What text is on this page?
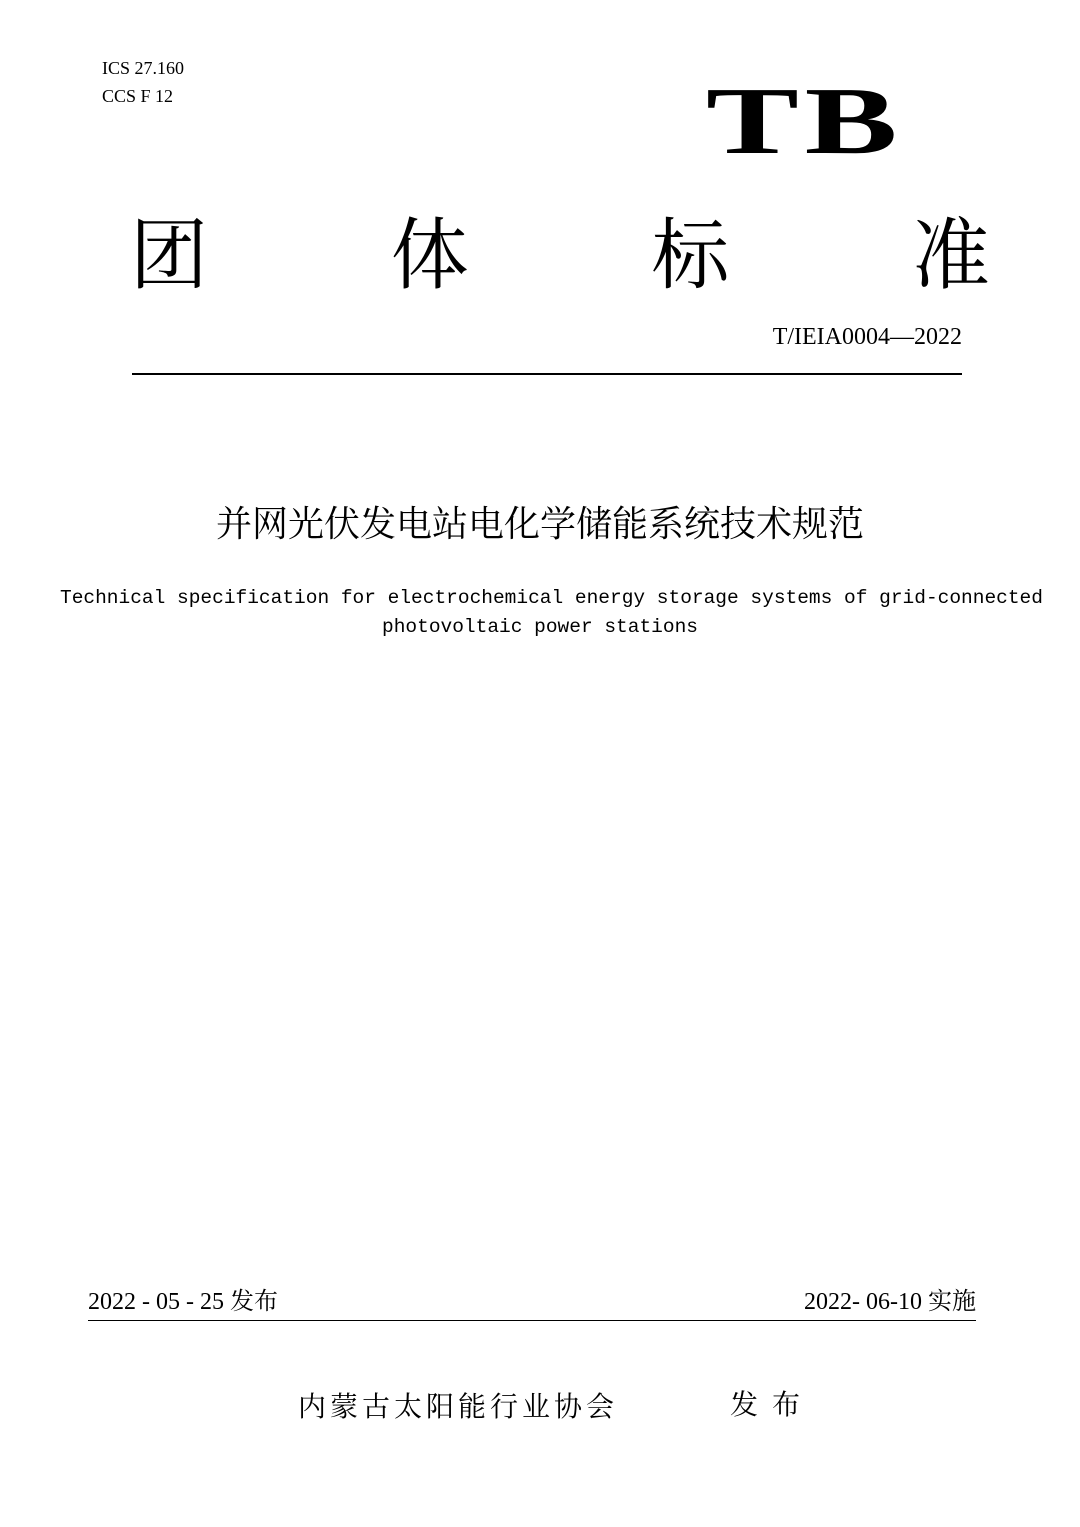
ICS 27.160
CCS F 12	TB
团 体 标 准
T/IEIA0004—2022
并网光伏发电站电化学储能系统技术规范
Technical specification for electrochemical energy storage systems of grid-connected
photovoltaic power stations
2022 - 05 - 25 发布	2022- 06-10 实施
内蒙古太阳能行业协会	发布
